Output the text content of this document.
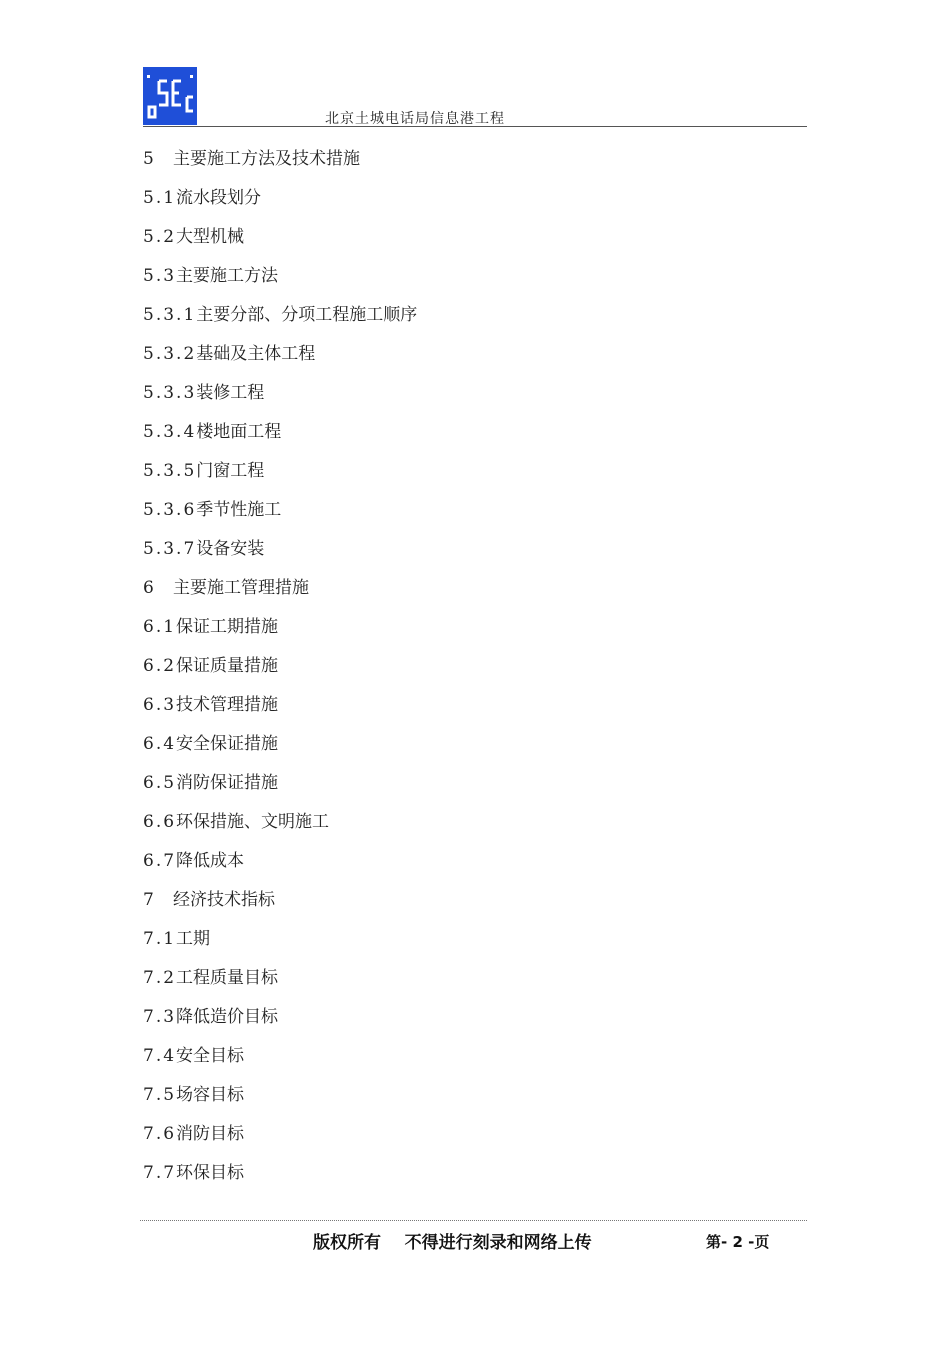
北京土城电话局信息港工程
5 主要施工方法及技术措施
5.1流水段划分
5.2大型机械
5.3主要施工方法
5.3.1主要分部、分项工程施工顺序
5.3.2基础及主体工程
5.3.3装修工程
5.3.4楼地面工程
5.3.5门窗工程
5.3.6季节性施工
5.3.7设备安装
6 主要施工管理措施
6.1保证工期措施
6.2保证质量措施
6.3技术管理措施
6.4安全保证措施
6.5消防保证措施
6.6环保措施、文明施工
6.7降低成本
7 经济技术指标
7.1工期
7.2工程质量目标
7.3降低造价目标
7.4安全目标
7.5场容目标
7.6消防目标
7.7环保目标
版权所有    不得进行刻录和网络上传	第- 2 -页
